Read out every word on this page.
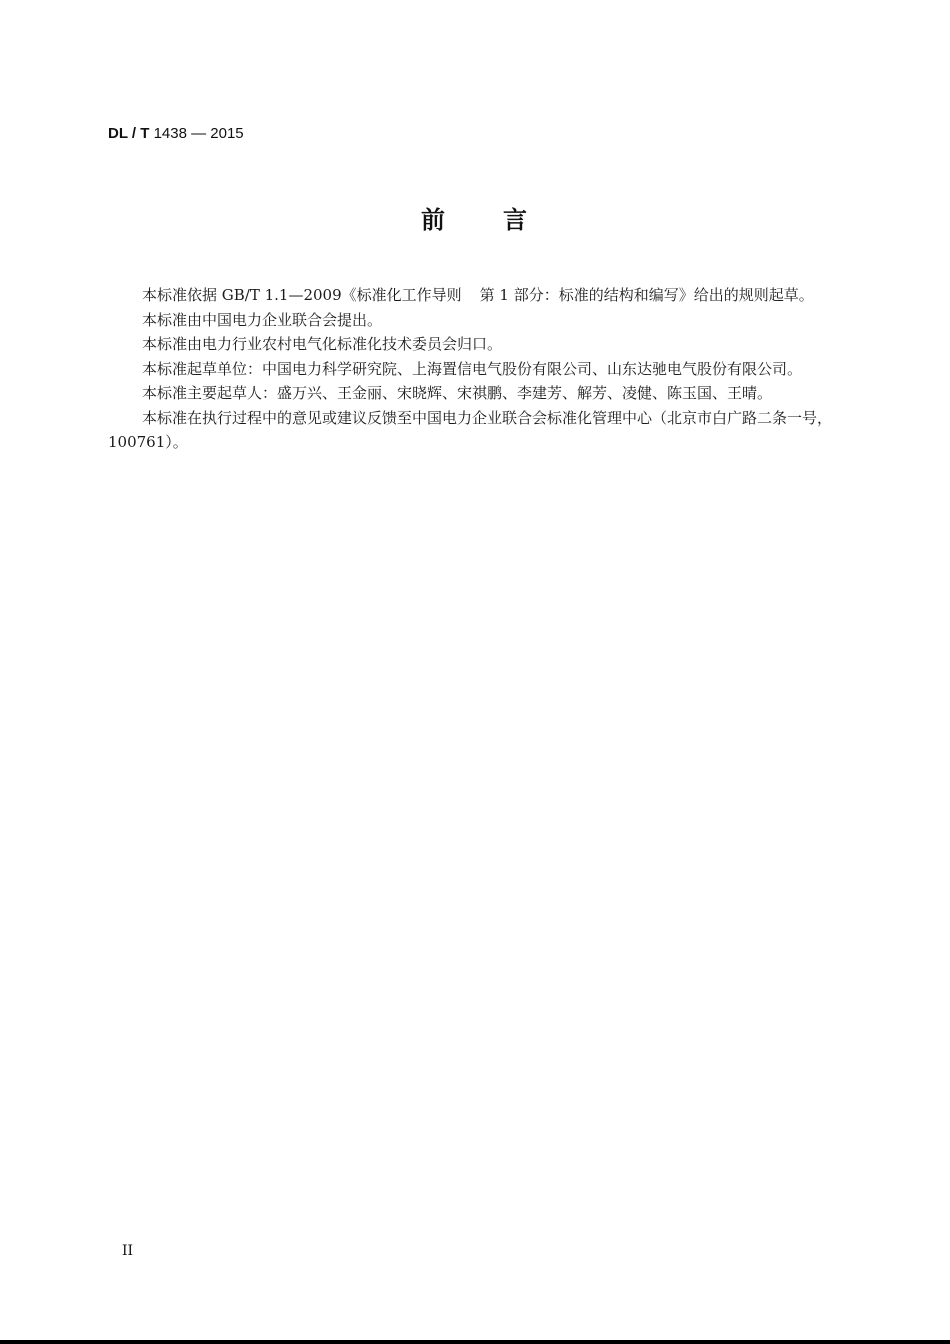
DL / T 1438 — 2015
前 言

本标准依据 GB/T 1.1—2009《标准化工作导则 第 1 部分：标准的结构和编写》给出的规则起草。

本标准由中国电力企业联合会提出。

本标准由电力行业农村电气化标准化技术委员会归口。

本标准起草单位：中国电力科学研究院、上海置信电气股份有限公司、山东达驰电气股份有限公司。

本标准主要起草人：盛万兴、王金丽、宋晓辉、宋祺鹏、李建芳、解芳、凌健、陈玉国、王晴。

本标准在执行过程中的意见或建议反馈至中国电力企业联合会标准化管理中心（北京市白广路二条一号，100761）。

II
